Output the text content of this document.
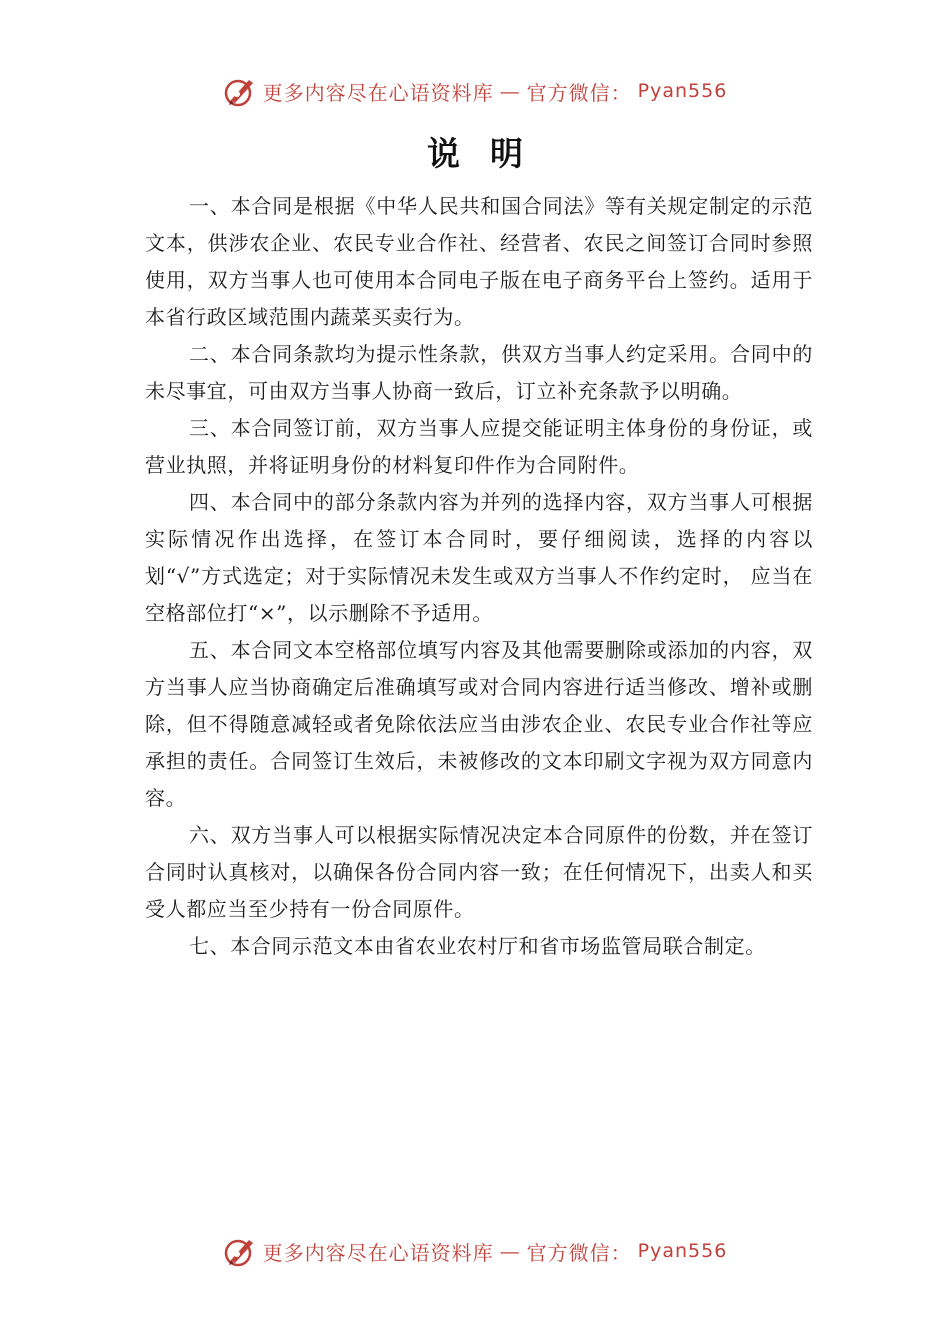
更多内容尽在心语资料库 — 官方微信： Pyan556
说明

一、本合同是根据《中华人民共和国合同法》等有关规定制定的示范文本，供涉农企业、农民专业合作社、经营者、农民之间签订合同时参照使用，双方当事人也可使用本合同电子版在电子商务平台上签约。适用于本省行政区域范围内蔬菜买卖行为。

二、本合同条款均为提示性条款，供双方当事人约定采用。合同中的未尽事宜，可由双方当事人协商一致后，订立补充条款予以明确。

三、本合同签订前，双方当事人应提交能证明主体身份的身份证，或营业执照，并将证明身份的材料复印件作为合同附件。

四、本合同中的部分条款内容为并列的选择内容，双方当事人可根据实际情况作出选择，在签订本合同时，要仔细阅读，选择的内容以划“√”方式选定；对于实际情况未发生或双方当事人不作约定时， 应当在空格部位打“×”，以示删除不予适用。

五、本合同文本空格部位填写内容及其他需要删除或添加的内容，双方当事人应当协商确定后准确填写或对合同内容进行适当修改、增补或删除，但不得随意减轻或者免除依法应当由涉农企业、农民专业合作社等应承担的责任。合同签订生效后，未被修改的文本印刷文字视为双方同意内容。

六、双方当事人可以根据实际情况决定本合同原件的份数，并在签订合同时认真核对，以确保各份合同内容一致；在任何情况下，出卖人和买受人都应当至少持有一份合同原件。

七、本合同示范文本由省农业农村厅和省市场监管局联合制定。

更多内容尽在心语资料库 — 官方微信： Pyan556
